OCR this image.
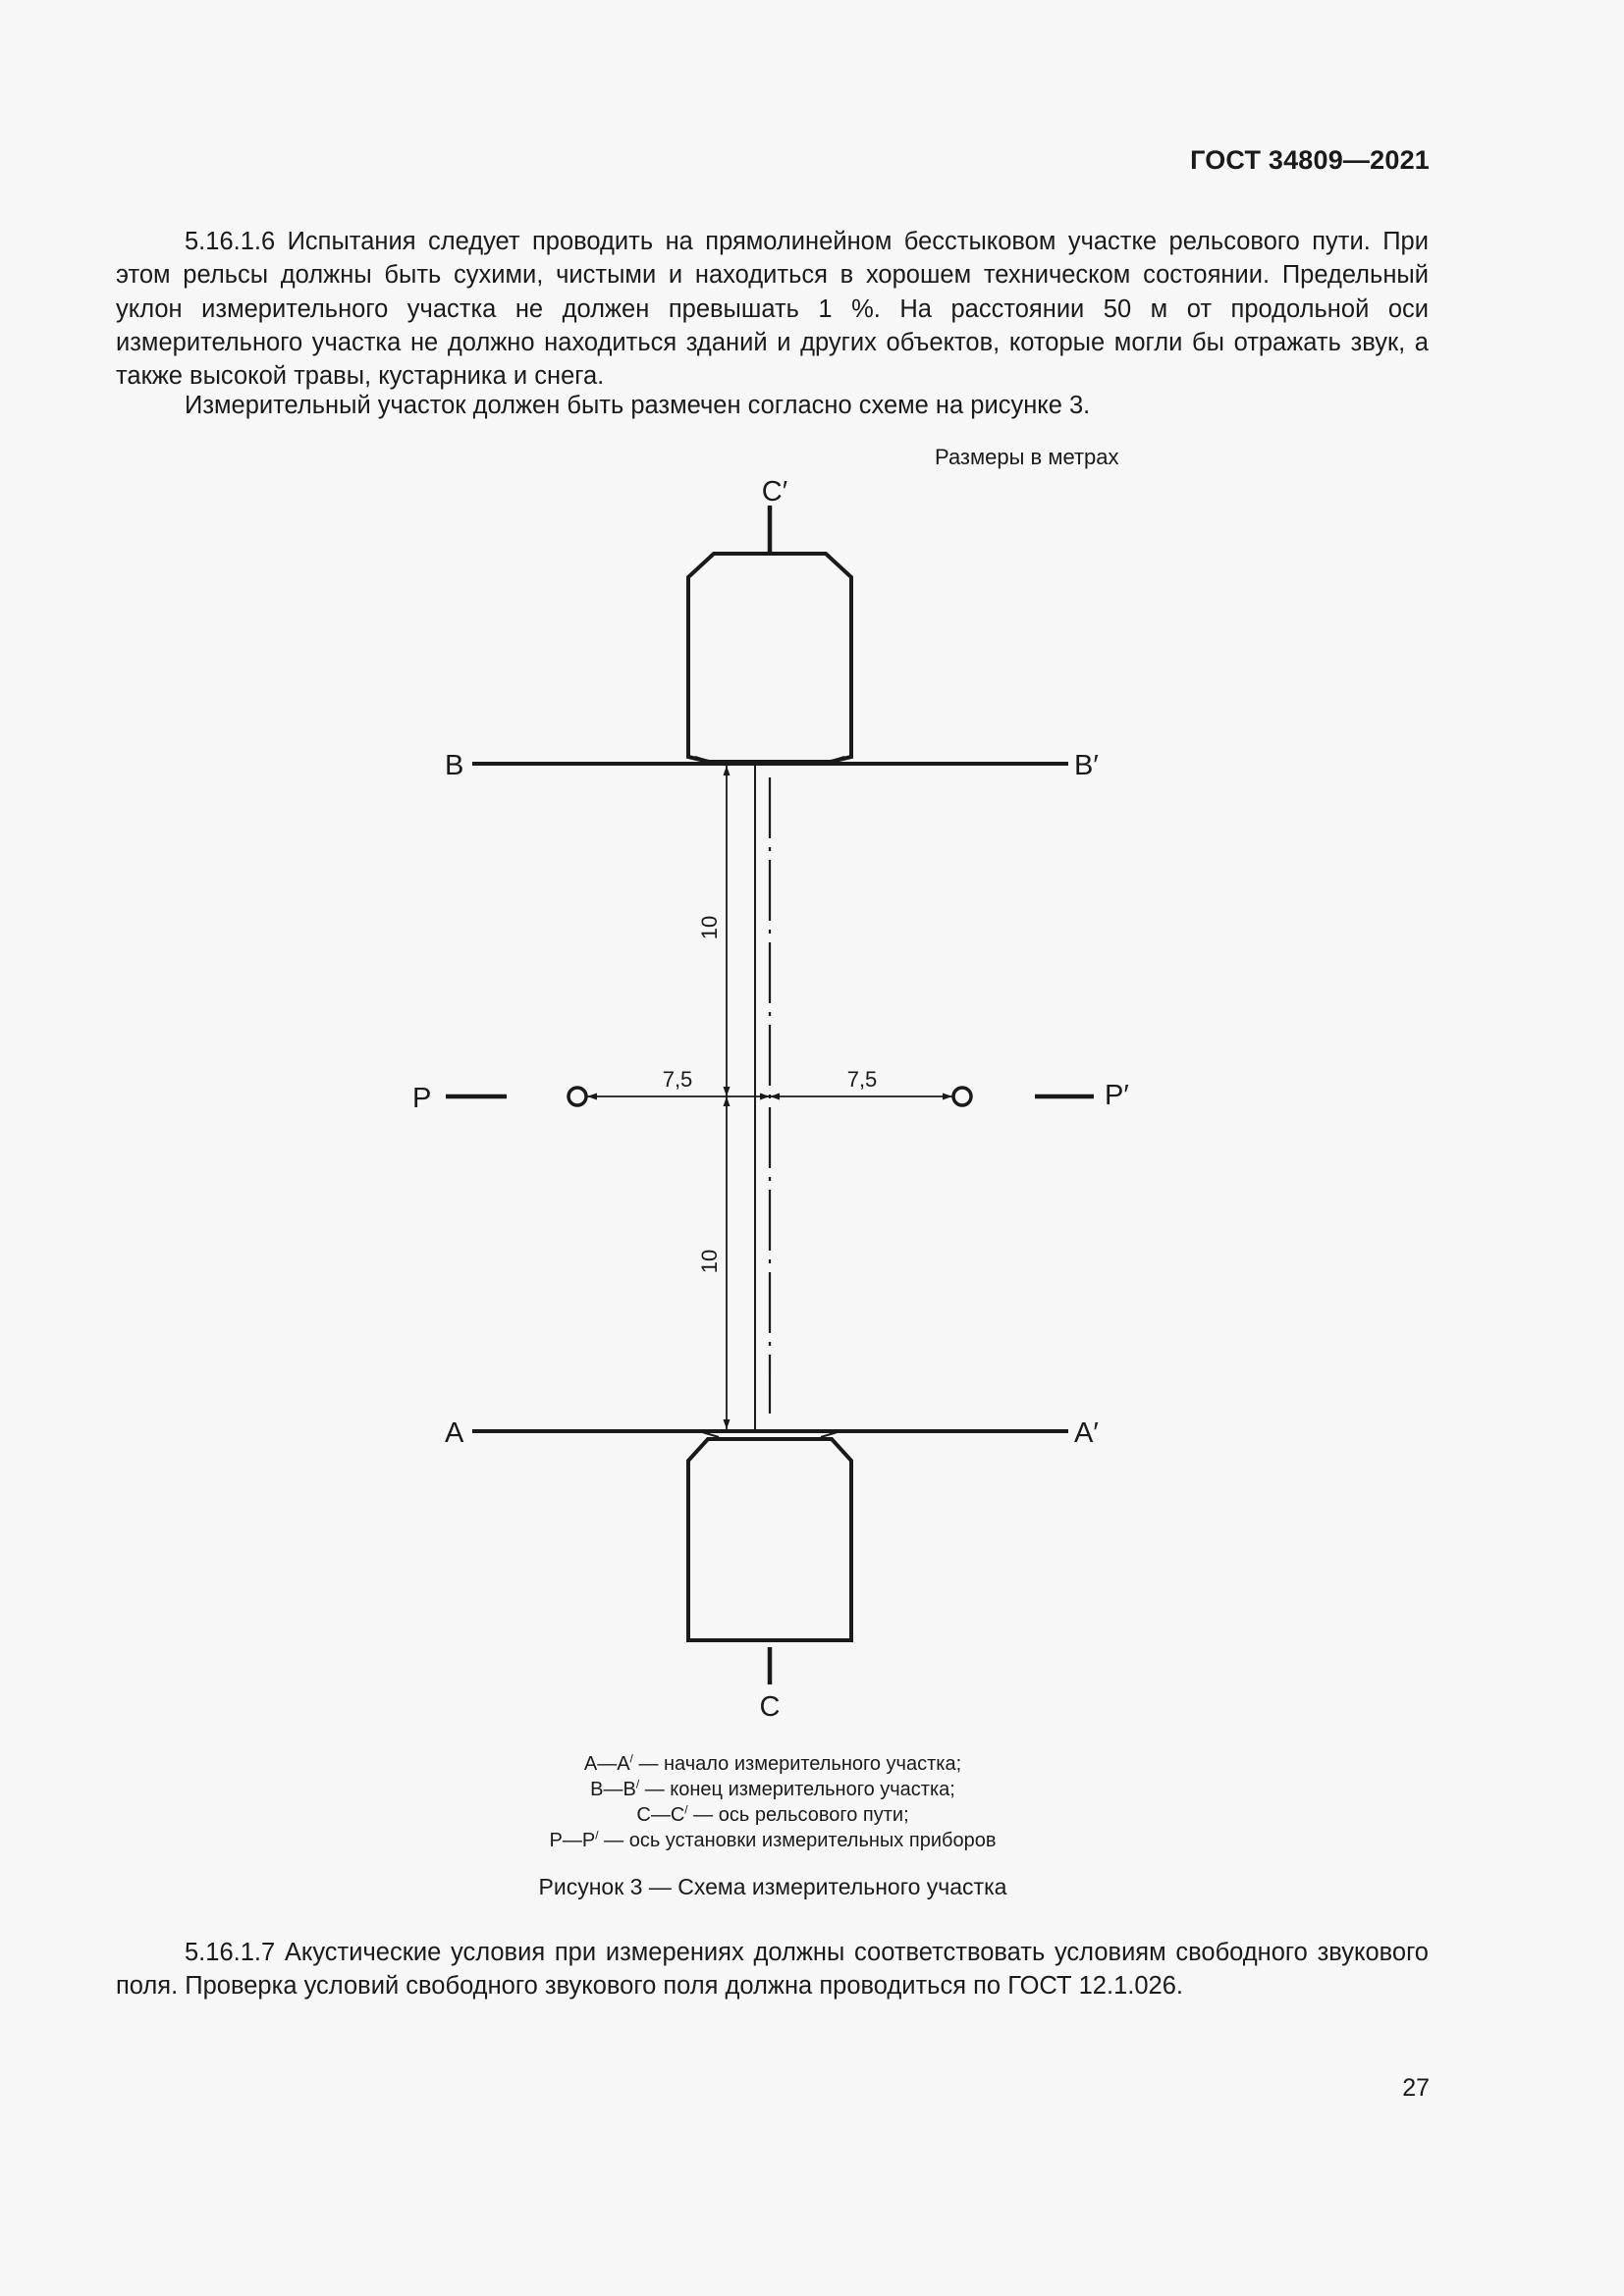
ГОСТ 34809—2021

5.16.1.6 Испытания следует проводить на прямолинейном бесстыковом участке рельсового пути. При этом рельсы должны быть сухими, чистыми и находиться в хорошем техническом состоянии. Предельный уклон измерительного участка не должен превышать 1 %. На расстоянии 50 м от продольной оси измерительного участка не должно находиться зданий и других объектов, которые могли бы отражать звук, а также высокой травы, кустарника и снега.

Измерительный участок должен быть размечен согласно схеме на рисунке 3.

Размеры в метрах
C′
C
B	B′
A	A′
P	P′
10
10
7,5	7,5
A—A/ — начало измерительного участка;
B—B/ — конец измерительного участка;
C—C/ — ось рельсового пути;
P—P/ — ось установки измерительных приборов
Рисунок 3 — Схема измерительного участка

5.16.1.7 Акустические условия при измерениях должны соответствовать условиям свободного звукового поля. Проверка условий свободного звукового поля должна проводиться по ГОСТ 12.1.026.

27
